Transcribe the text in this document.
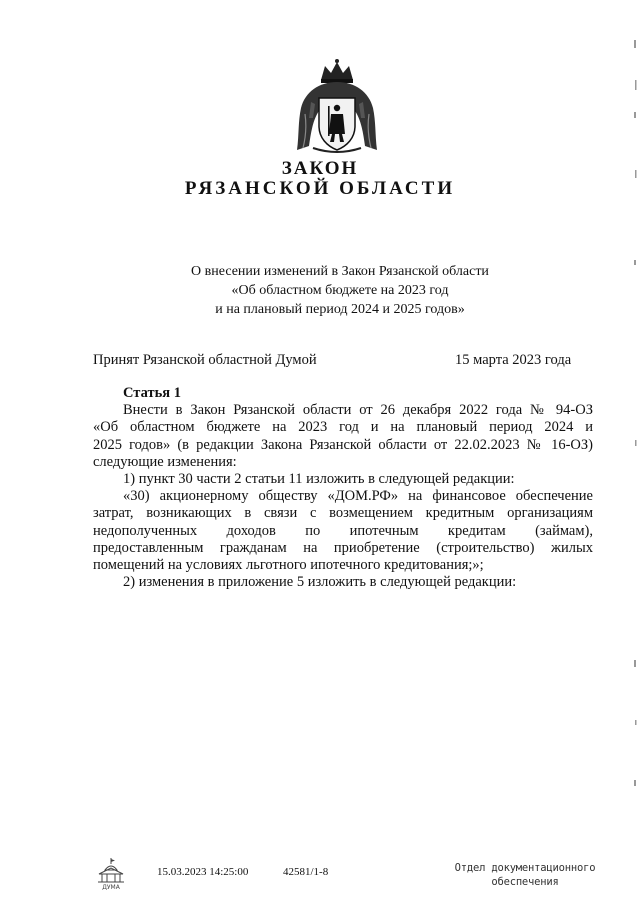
ЗАКОН
РЯЗАНСКОЙ ОБЛАСТИ
О внесении изменений в Закон Рязанской области
«Об областном бюджете на 2023 год
и на плановый период 2024 и 2025 годов»
Принят Рязанской областной Думой	15 марта 2023 года
Статья 1
Внести в Закон Рязанской области от 26 декабря 2022 года № 94-ОЗ
«Об областном бюджете на 2023 год и на плановый период 2024 и
2025 годов» (в редакции Закона Рязанской области от 22.02.2023 № 16-ОЗ)
следующие изменения:
1) пункт 30 части 2 статьи 11 изложить в следующей редакции:
«30) акционерному обществу «ДОМ.РФ» на финансовое обеспечение
затрат, возникающих в связи с возмещением кредитным организациям
недополученных доходов по ипотечным кредитам (займам),
предоставленным гражданам на приобретение (строительство) жилых
помещений на условиях льготного ипотечного кредитования;»;
2) изменения в приложение 5 изложить в следующей редакции:
ДУМА
15.03.2023 14:25:00	42581/1-8	Отдел документационного
обеспечения
